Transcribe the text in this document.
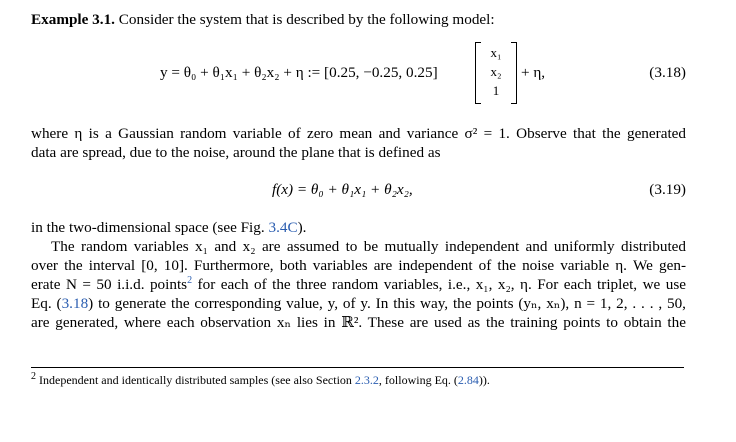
Example 3.1. Consider the system that is described by the following model:
y = θ₀ + θ₁x₁ + θ₂x₂ + η := [0.25, −0.25, 0.25]
x₁
x₂
1
+ η,	(3.18)
where η is a Gaussian random variable of zero mean and variance σ² = 1. Observe that the generated
data are spread, due to the noise, around the plane that is defined as
f(x) = θ₀ + θ₁x₁ + θ₂x₂,	(3.19)
in the two-dimensional space (see Fig. 3.4C).
The random variables x₁ and x₂ are assumed to be mutually independent and uniformly distributed
over the interval [0, 10]. Furthermore, both variables are independent of the noise variable η. We gen-
erate N = 50 i.i.d. points$^2$ for each of the three random variables, i.e., x₁, x₂, η. For each triplet, we use
Eq. (3.18) to generate the corresponding value, y, of y. In this way, the points (yₙ, xₙ), n = 1, 2, . . . , 50,
are generated, where each observation xₙ lies in ℝ². These are used as the training points to obtain the
$^2$ Independent and identically distributed samples (see also Section 2.3.2, following Eq. (2.84)).
